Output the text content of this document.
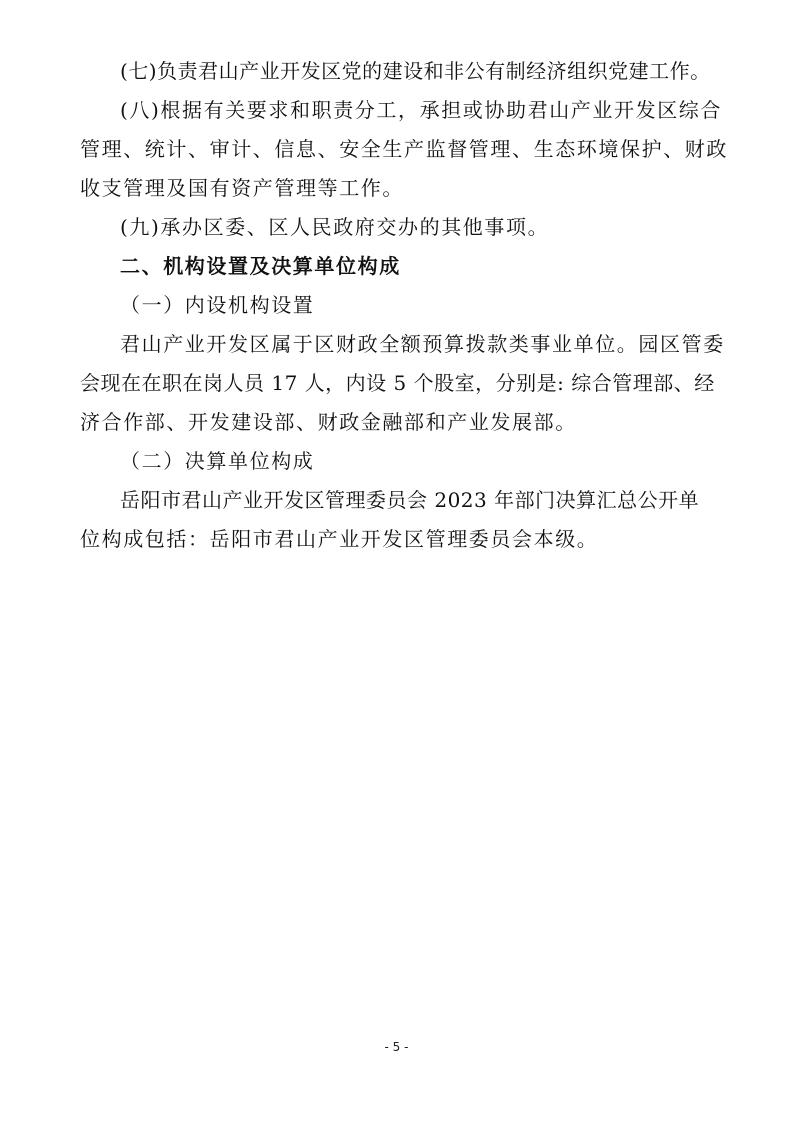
(七)负责君山产业开发区党的建设和非公有制经济组织党建工作。
(八)根据有关要求和职责分工，承担或协助君山产业开发区综合
管理、统计、审计、信息、安全生产监督管理、生态环境保护、财政
收支管理及国有资产管理等工作。
(九)承办区委、区人民政府交办的其他事项。
二、机构设置及决算单位构成
（一）内设机构设置
君山产业开发区属于区财政全额预算拨款类事业单位。园区管委
会现在在职在岗人员 17 人，内设 5 个股室，分别是: 综合管理部、经
济合作部、开发建设部、财政金融部和产业发展部。
（二）决算单位构成
岳阳市君山产业开发区管理委员会 2023 年部门决算汇总公开单
位构成包括：岳阳市君山产业开发区管理委员会本级。
- 5 -
